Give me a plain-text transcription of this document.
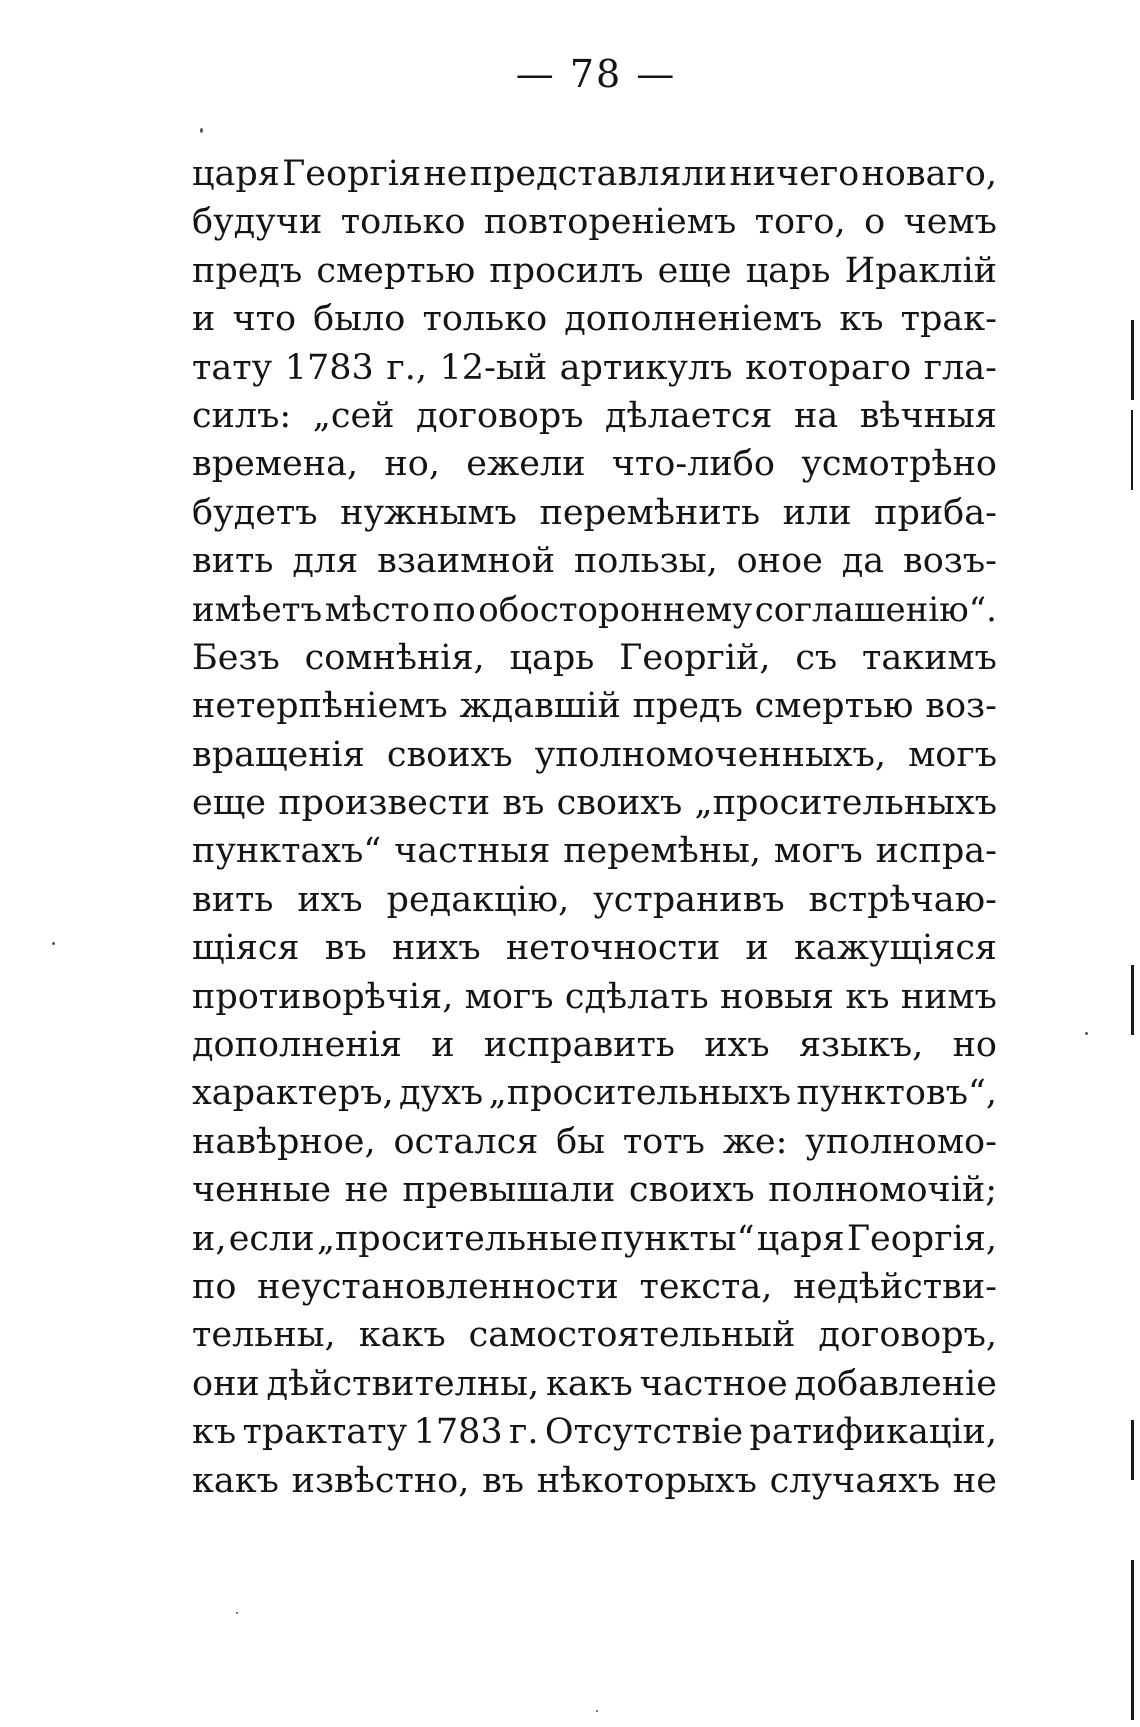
— 78 —
царя Георгія не представляли ничего новаго,
будучи только повтореніемъ того, о чемъ
предъ смертью просилъ еще царь Ираклій
и что было только дополненіемъ къ трак-
тату 1783 г., 12-ый артикулъ котораго гла-
силъ: „сей договоръ дѣлается на вѣчныя
времена, но, ежели что-либо усмотрѣно
будетъ нужнымъ перемѣнить или прибa-
вить для взаимной пользы, оное да возъ-
имѣетъ мѣсто по обостороннему соглашенію“.
Безъ сомнѣнія, царь Георгій, съ такимъ
нетерпѣніемъ ждавшій предъ смертью воз-
вращенія своихъ уполномоченныхъ, могъ
еще произвести въ своихъ „просительныхъ
пунктахъ“ частныя перемѣны, могъ испра-
вить ихъ редакцію, устранивъ встрѣчаю-
щіяся въ нихъ неточности и кажущіяся
противорѣчія, могъ сдѣлать новыя къ нимъ
дополненія и исправить ихъ языкъ, но
характеръ, духъ „просительныхъ пунктовъ“,
навѣрное, остался бы тотъ же: уполномо-
ченные не превышали своихъ полномочій;
и, если „просительные пункты“ царя Георгія,
по неустановленности текста, недѣйстви-
тельны, какъ самостоятельный договоръ,
они дѣйствителны, какъ частное добавленіе
къ трактату 1783 г. Отсутствіе ратификаціи,
какъ извѣстно, въ нѣкоторыхъ случаяхъ не
